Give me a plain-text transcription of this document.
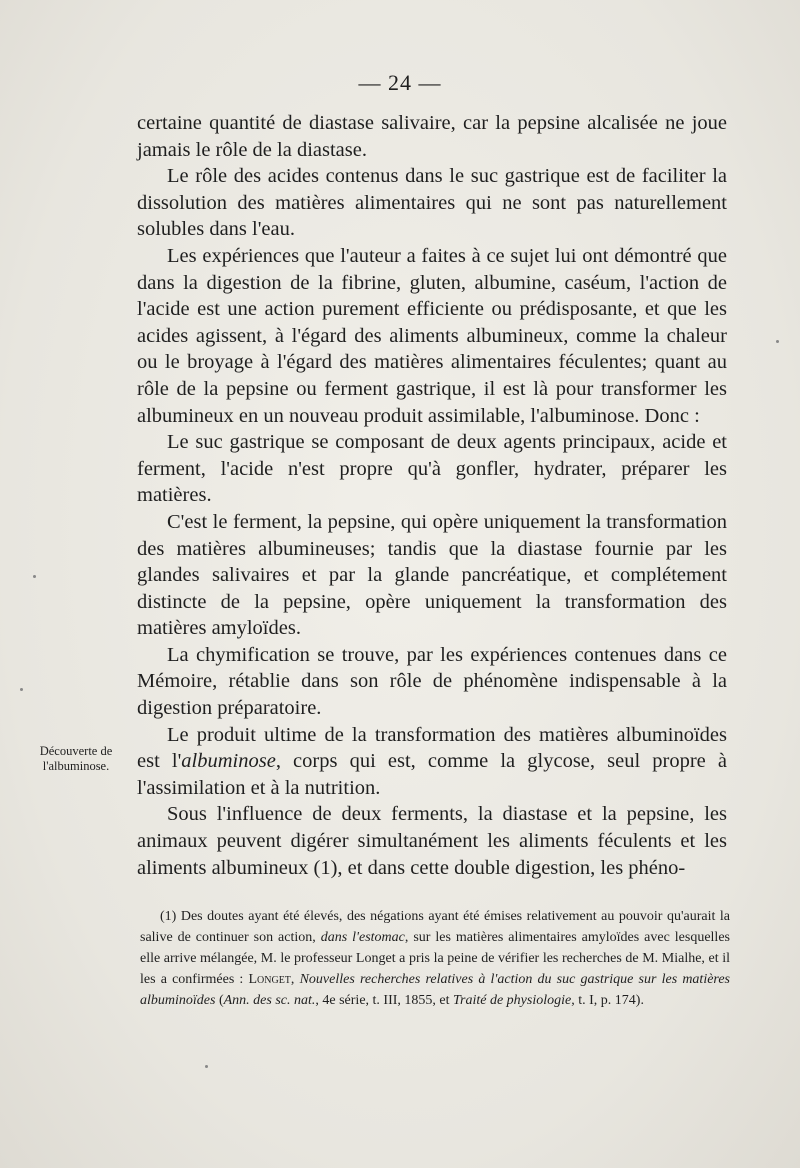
— 24 —

certaine quantité de diastase salivaire, car la pepsine alcalisée ne joue jamais le rôle de la diastase.

Le rôle des acides contenus dans le suc gastrique est de faciliter la dissolution des matières alimentaires qui ne sont pas naturellement solubles dans l'eau.

Les expériences que l'auteur a faites à ce sujet lui ont démontré que dans la digestion de la fibrine, gluten, albumine, caséum, l'action de l'acide est une action purement efficiente ou prédisposante, et que les acides agissent, à l'égard des aliments albumineux, comme la chaleur ou le broyage à l'égard des matières alimentaires féculentes; quant au rôle de la pepsine ou ferment gastrique, il est là pour transformer les albumineux en un nouveau produit assimilable, l'albuminose. Donc :

Le suc gastrique se composant de deux agents principaux, acide et ferment, l'acide n'est propre qu'à gonfler, hydrater, préparer les matières.

C'est le ferment, la pepsine, qui opère uniquement la transformation des matières albumineuses; tandis que la diastase fournie par les glandes salivaires et par la glande pancréatique, et complétement distincte de la pepsine, opère uniquement la transformation des matières amyloïdes.

La chymification se trouve, par les expériences contenues dans ce Mémoire, rétablie dans son rôle de phénomène indispensable à la digestion préparatoire.

Le produit ultime de la transformation des matières albuminoïdes est l'albuminose, corps qui est, comme la glycose, seul propre à l'assimilation et à la nutrition.

Sous l'influence de deux ferments, la diastase et la pepsine, les animaux peuvent digérer simultanément les aliments féculents et les aliments albumineux (1), et dans cette double digestion, les phéno-

Découverte de l'albuminose.

(1) Des doutes ayant été élevés, des négations ayant été émises relativement au pouvoir qu'aurait la salive de continuer son action, dans l'estomac, sur les matières alimentaires amyloïdes avec lesquelles elle arrive mélangée, M. le professeur Longet a pris la peine de vérifier les recherches de M. Mialhe, et il les a confirmées : Longet, Nouvelles recherches relatives à l'action du suc gastrique sur les matières albuminoïdes (Ann. des sc. nat., 4e série, t. III, 1855, et Traité de physiologie, t. I, p. 174).
